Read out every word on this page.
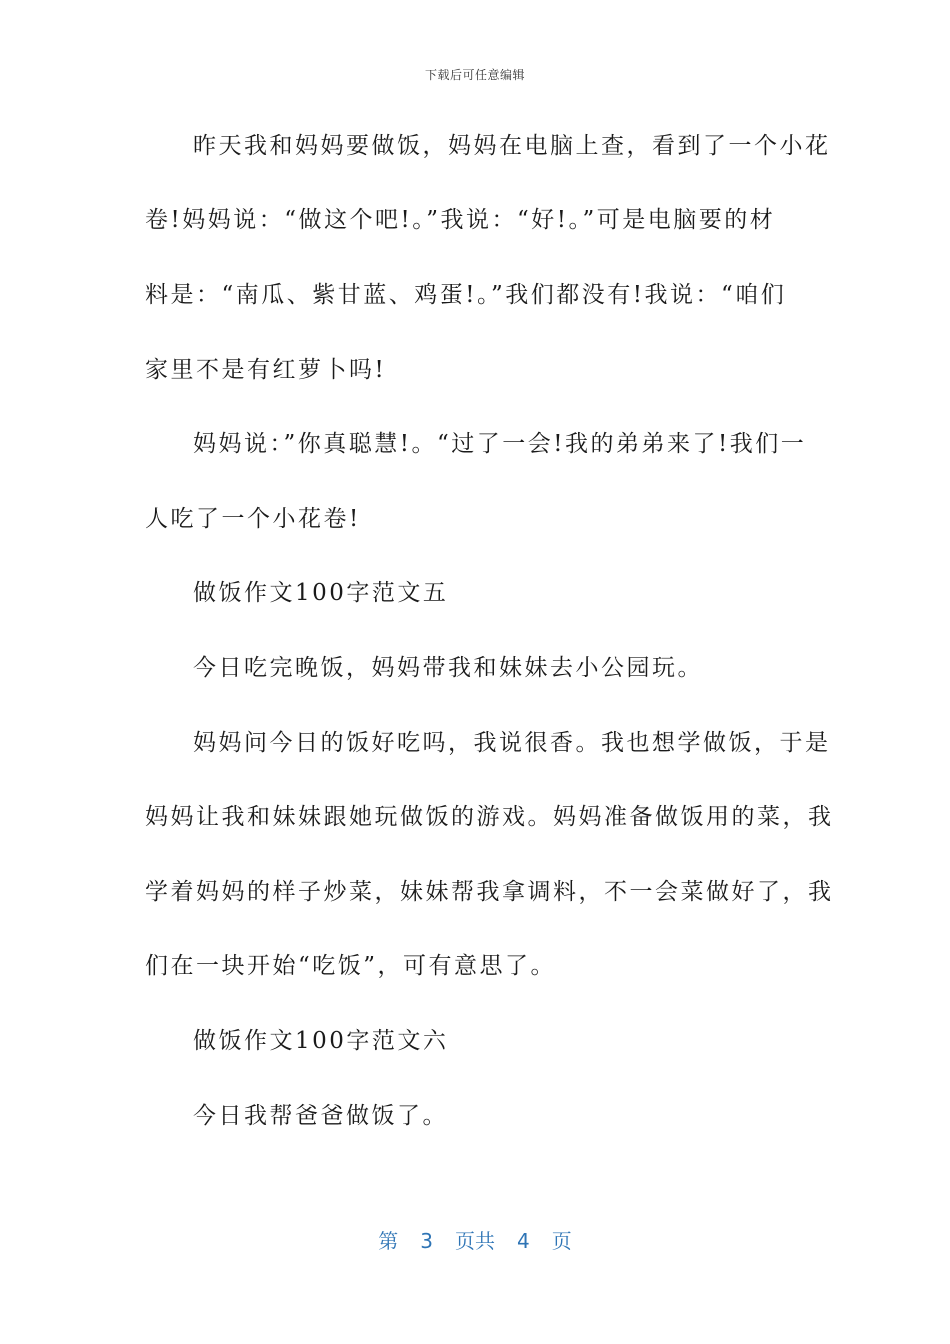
下载后可任意编辑
昨天我和妈妈要做饭，妈妈在电脑上查，看到了一个小花
卷!妈妈说：“做这个吧!。”我说：“好!。”可是电脑要的材
料是：“南瓜、紫甘蓝、鸡蛋!。”我们都没有!我说：“咱们
家里不是有红萝卜吗!
妈妈说：”你真聪慧!。“过了一会!我的弟弟来了!我们一
人吃了一个小花卷!
做饭作文100字范文五
今日吃完晚饭，妈妈带我和妹妹去小公园玩。
妈妈问今日的饭好吃吗，我说很香。我也想学做饭，于是
妈妈让我和妹妹跟她玩做饭的游戏。妈妈准备做饭用的菜，我
学着妈妈的样子炒菜，妹妹帮我拿调料，不一会菜做好了，我
们在一块开始“吃饭”，可有意思了。
做饭作文100字范文六
今日我帮爸爸做饭了。
第 3 页共 4 页
